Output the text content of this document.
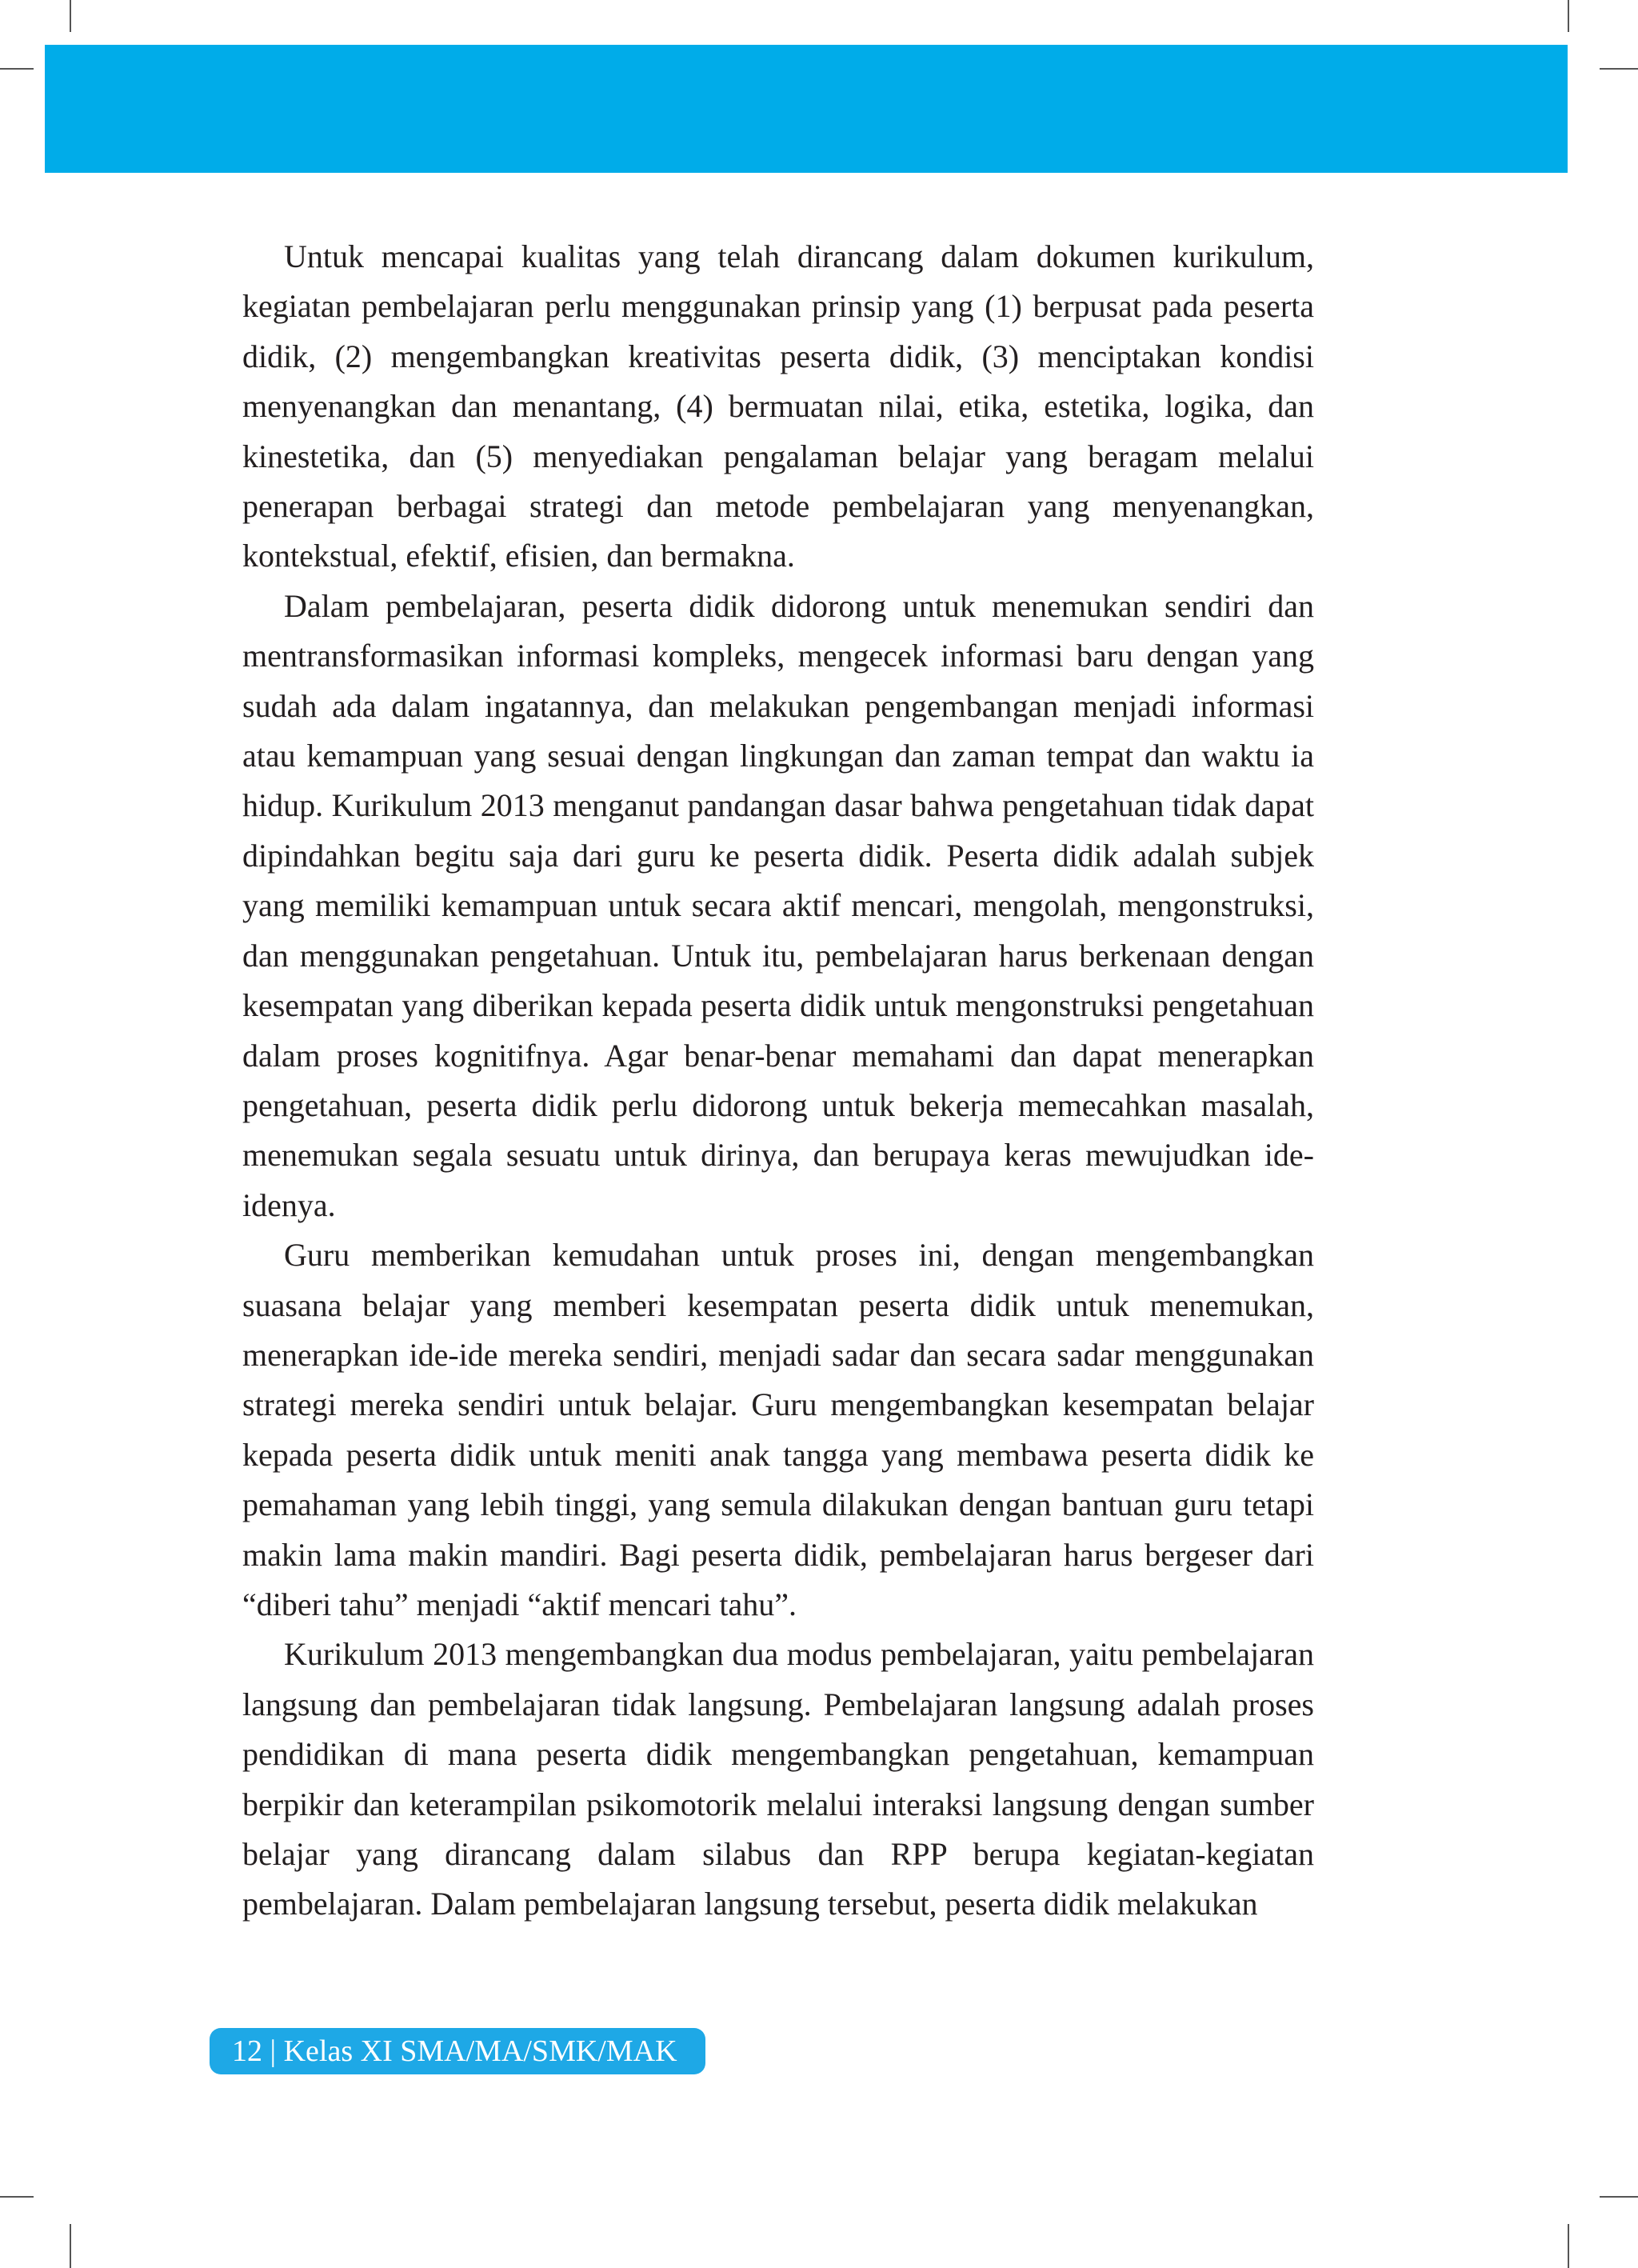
Untuk mencapai kualitas yang telah dirancang dalam dokumen kurikulum, kegiatan pembelajaran perlu menggunakan prinsip yang (1) berpusat pada peserta didik, (2) mengembangkan kreativitas peserta didik, (3) menciptakan kondisi menyenangkan dan menantang, (4) bermuatan nilai, etika, estetika, logika, dan kinestetika, dan (5) menyediakan pengalaman belajar yang beragam melalui penerapan berbagai strategi dan metode pembelajaran yang menyenangkan, kontekstual, efektif, efisien, dan bermakna.

Dalam pembelajaran, peserta didik didorong untuk menemukan sendiri dan mentransformasikan informasi kompleks, mengecek informasi baru dengan yang sudah ada dalam ingatannya, dan melakukan pengembangan menjadi informasi atau kemampuan yang sesuai dengan lingkungan dan zaman tempat dan waktu ia hidup. Kurikulum 2013 menganut pandangan dasar bahwa pengetahuan tidak dapat dipindahkan begitu saja dari guru ke peserta didik. Peserta didik adalah subjek yang memiliki kemampuan untuk secara aktif mencari, mengolah, mengonstruksi, dan menggunakan pengetahuan. Untuk itu, pembelajaran harus berkenaan dengan kesempatan yang diberikan kepada peserta didik untuk mengonstruksi pengetahuan dalam proses kognitifnya. Agar benar-benar memahami dan dapat menerapkan pengetahuan, peserta didik perlu didorong untuk bekerja memecahkan masalah, menemukan segala sesuatu untuk dirinya, dan berupaya keras mewujudkan ide-idenya.

Guru memberikan kemudahan untuk proses ini, dengan mengembangkan suasana belajar yang memberi kesempatan peserta didik untuk menemukan, menerapkan ide-ide mereka sendiri, menjadi sadar dan secara sadar menggunakan strategi mereka sendiri untuk belajar. Guru mengembangkan kesempatan belajar kepada peserta didik untuk meniti anak tangga yang membawa peserta didik ke pemahaman yang lebih tinggi, yang semula dilakukan dengan bantuan guru tetapi makin lama makin mandiri. Bagi peserta didik, pembelajaran harus bergeser dari “diberi tahu” menjadi “aktif mencari tahu”.

Kurikulum 2013 mengembangkan dua modus pembelajaran, yaitu pembelajaran langsung dan pembelajaran tidak langsung. Pembelajaran langsung adalah proses pendidikan di mana peserta didik mengembangkan pengetahuan, kemampuan berpikir dan keterampilan psikomotorik melalui interaksi langsung dengan sumber belajar yang dirancang dalam silabus dan RPP berupa kegiatan-kegiatan pembelajaran. Dalam pembelajaran langsung tersebut, peserta didik melakukan

12 | Kelas XI SMA/MA/SMK/MAK
